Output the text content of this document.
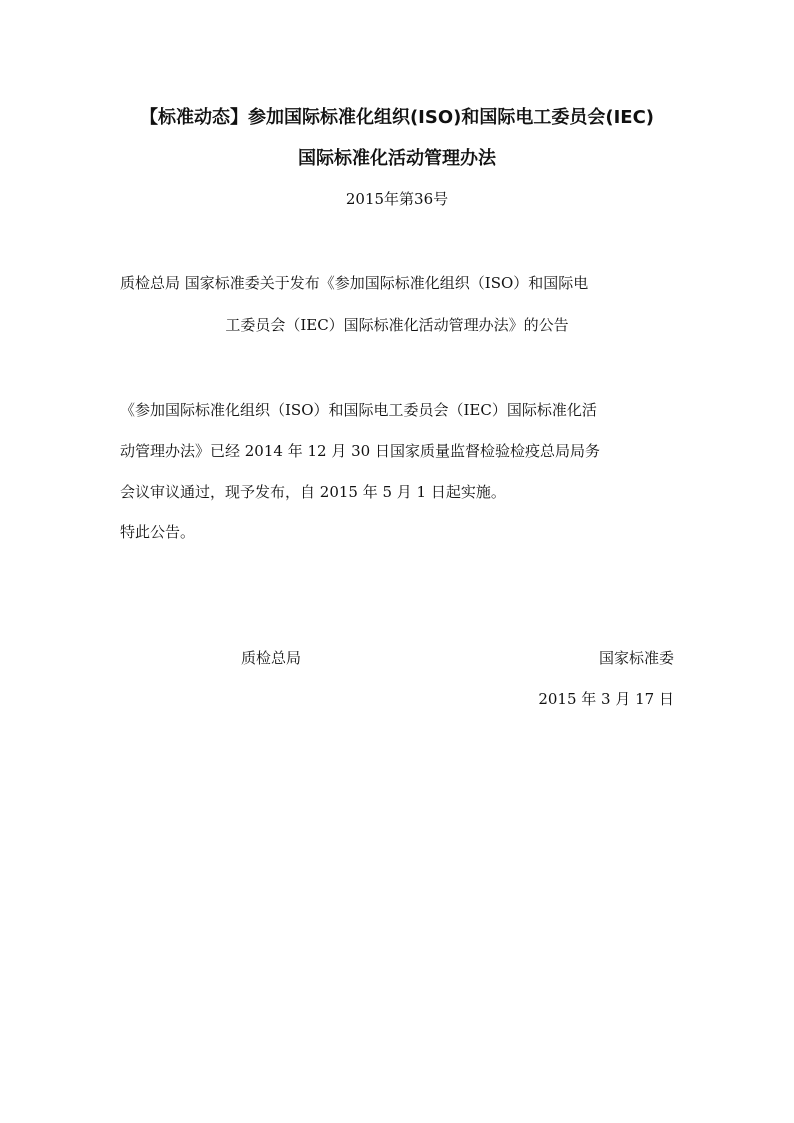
【标准动态】参加国际标准化组织(ISO)和国际电工委员会(IEC)
国际标准化活动管理办法
2015年第36号
质检总局 国家标准委关于发布《参加国际标准化组织（ISO）和国际电
工委员会（IEC）国际标准化活动管理办法》的公告
《参加国际标准化组织（ISO）和国际电工委员会（IEC）国际标准化活
动管理办法》已经 2014 年 12 月 30 日国家质量监督检验检疫总局局务
会议审议通过，现予发布，自 2015 年 5 月 1 日起实施。
特此公告。
质检总局	国家标准委
2015 年 3 月 17 日
